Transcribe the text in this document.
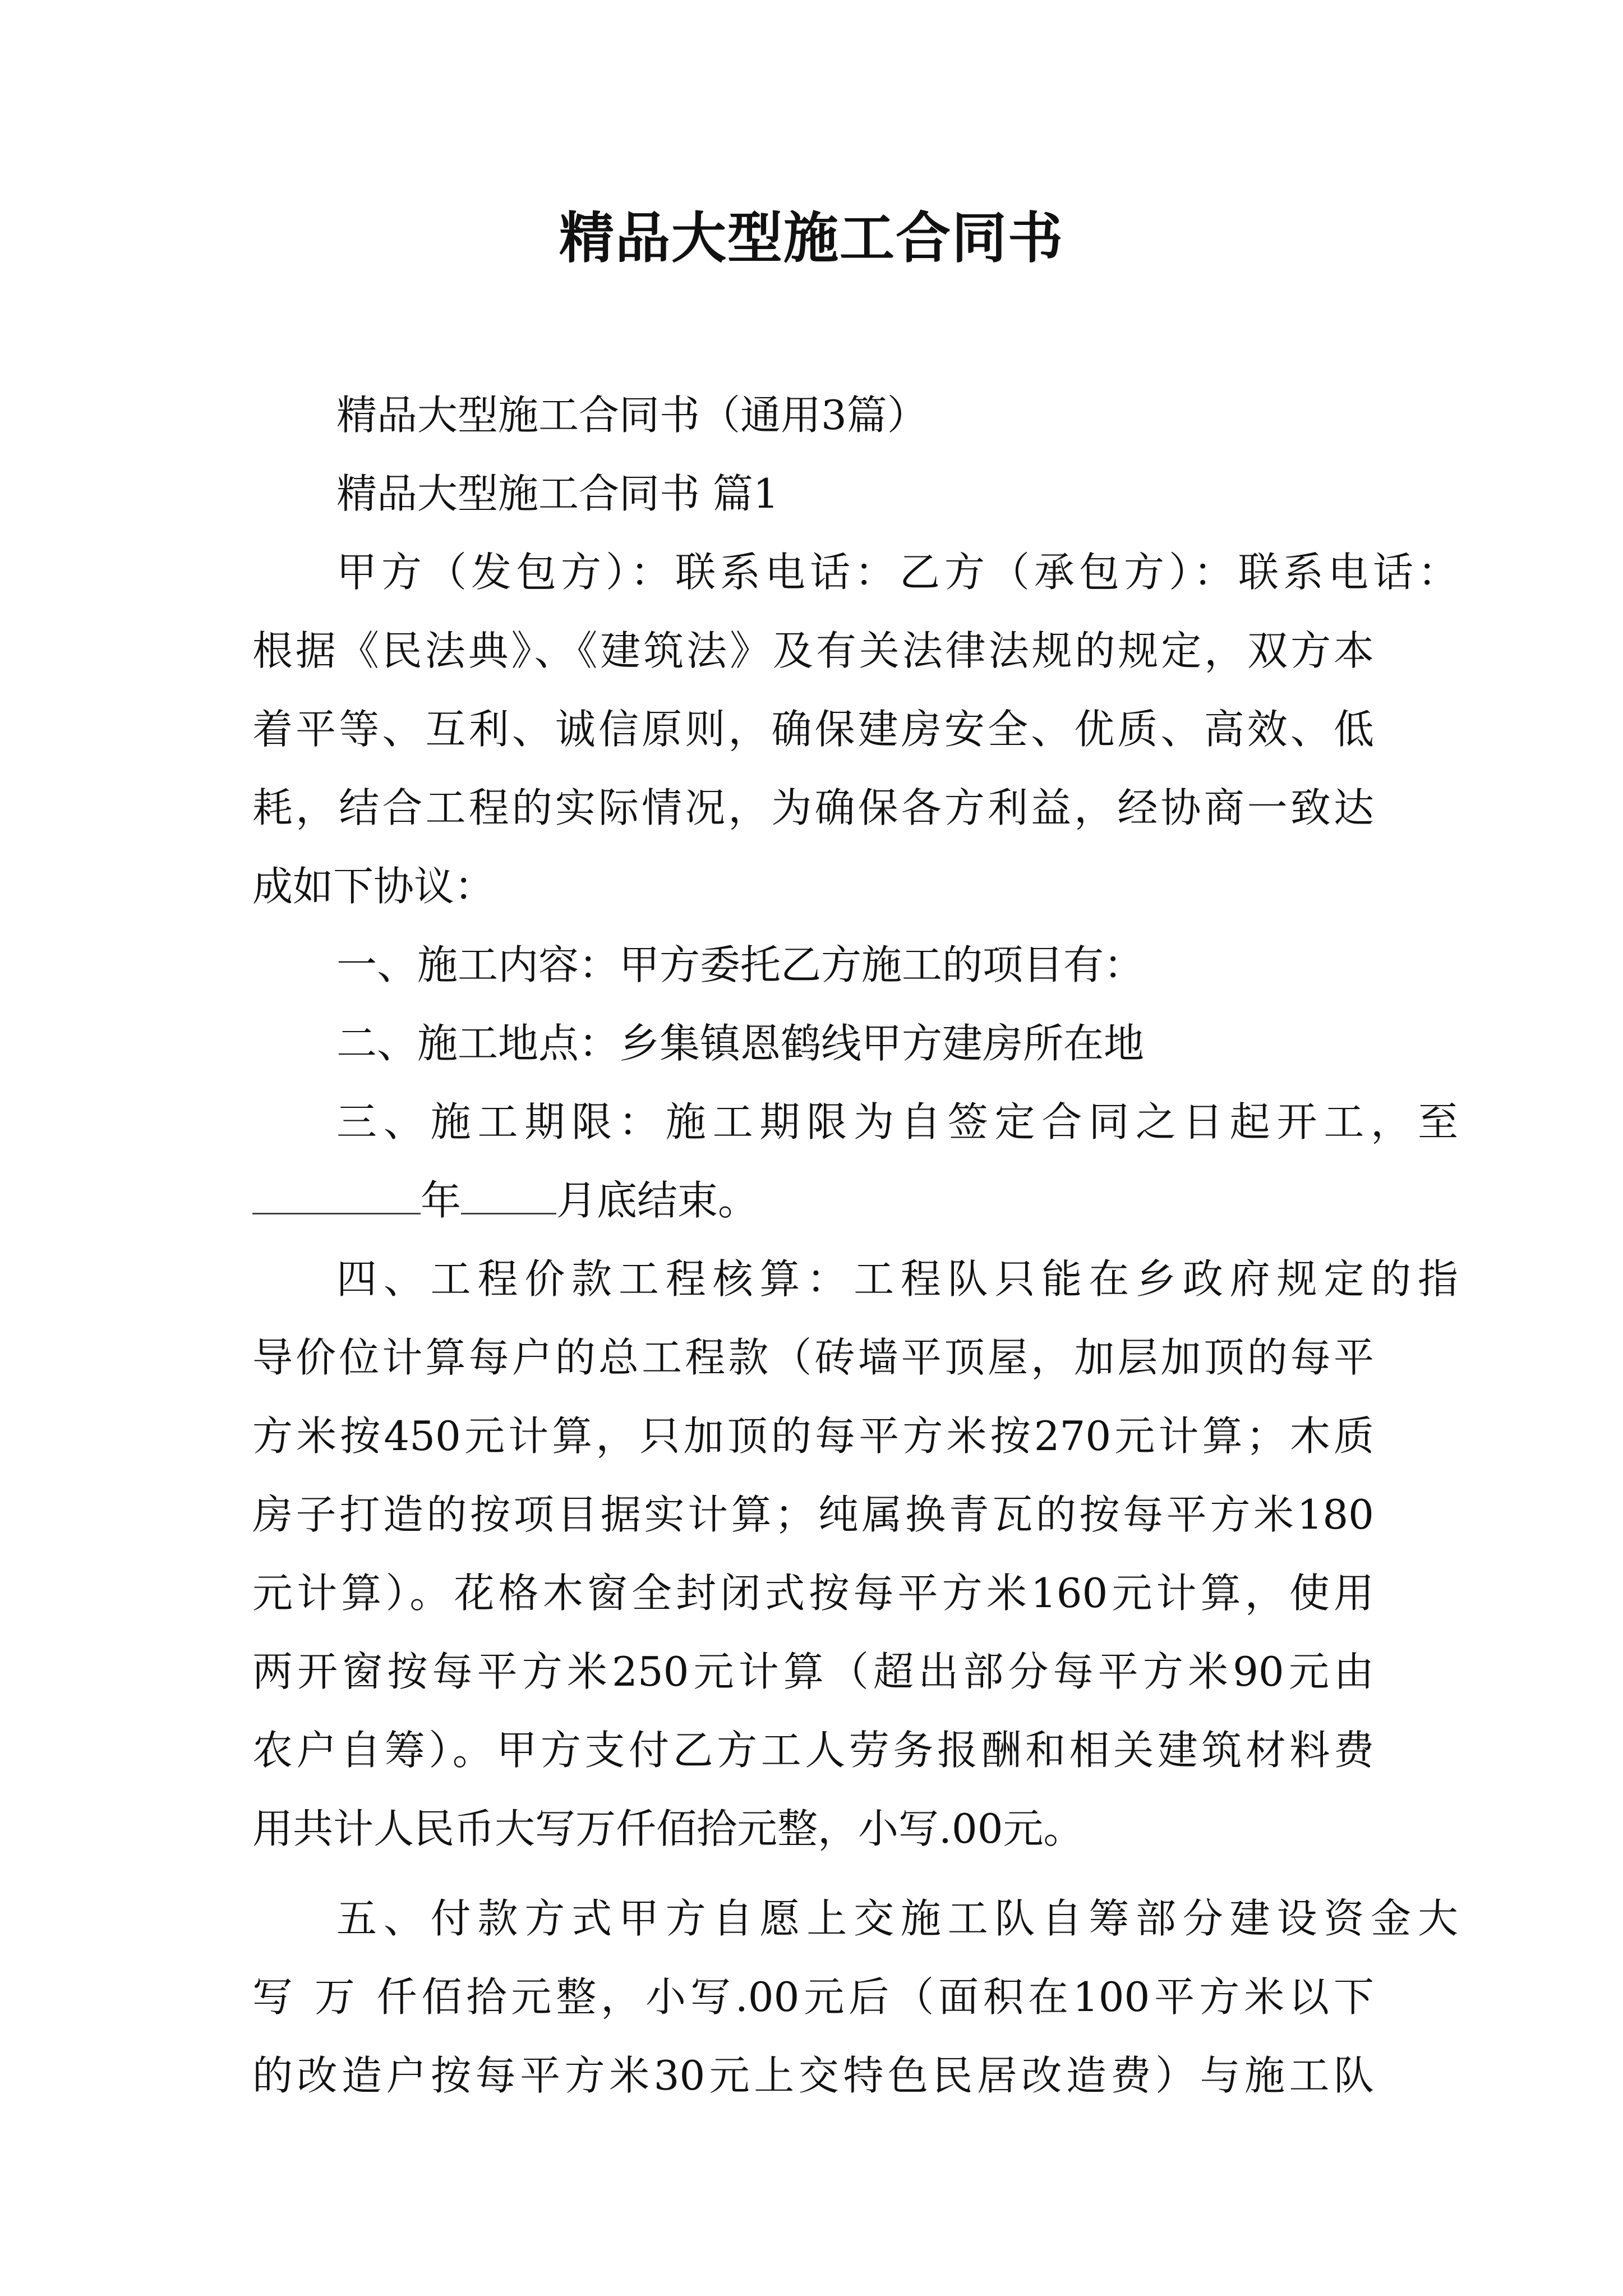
精品大型施工合同书
精品大型施工合同书（通用3篇）
精品大型施工合同书 篇1
甲方（发包方）：联系电话：乙方（承包方）：联系电话：
根据《民法典》、《建筑法》及有关法律法规的规定，双方本
着平等、互利、诚信原则，确保建房安全、优质、高效、低
耗，结合工程的实际情况，为确保各方利益，经协商一致达
成如下协议：
一、施工内容：甲方委托乙方施工的项目有：
二、施工地点：乡集镇恩鹤线甲方建房所在地
三、施工期限：施工期限为自签定合同之日起开工，至
年 月底结束。
四、工程价款工程核算：工程队只能在乡政府规定的指
导价位计算每户的总工程款（砖墙平顶屋，加层加顶的每平
方米按450元计算，只加顶的每平方米按270元计算；木质
房子打造的按项目据实计算；纯属换青瓦的按每平方米180
元计算）。花格木窗全封闭式按每平方米160元计算，使用
两开窗按每平方米250元计算（超出部分每平方米90元由
农户自筹）。甲方支付乙方工人劳务报酬和相关建筑材料费
用共计人民币大写万仟佰拾元整，小写.00元。
五、付款方式甲方自愿上交施工队自筹部分建设资金大
写 万 仟佰拾元整，小写.00元后（面积在100平方米以下
的改造户按每平方米30元上交特色民居改造费）与施工队
